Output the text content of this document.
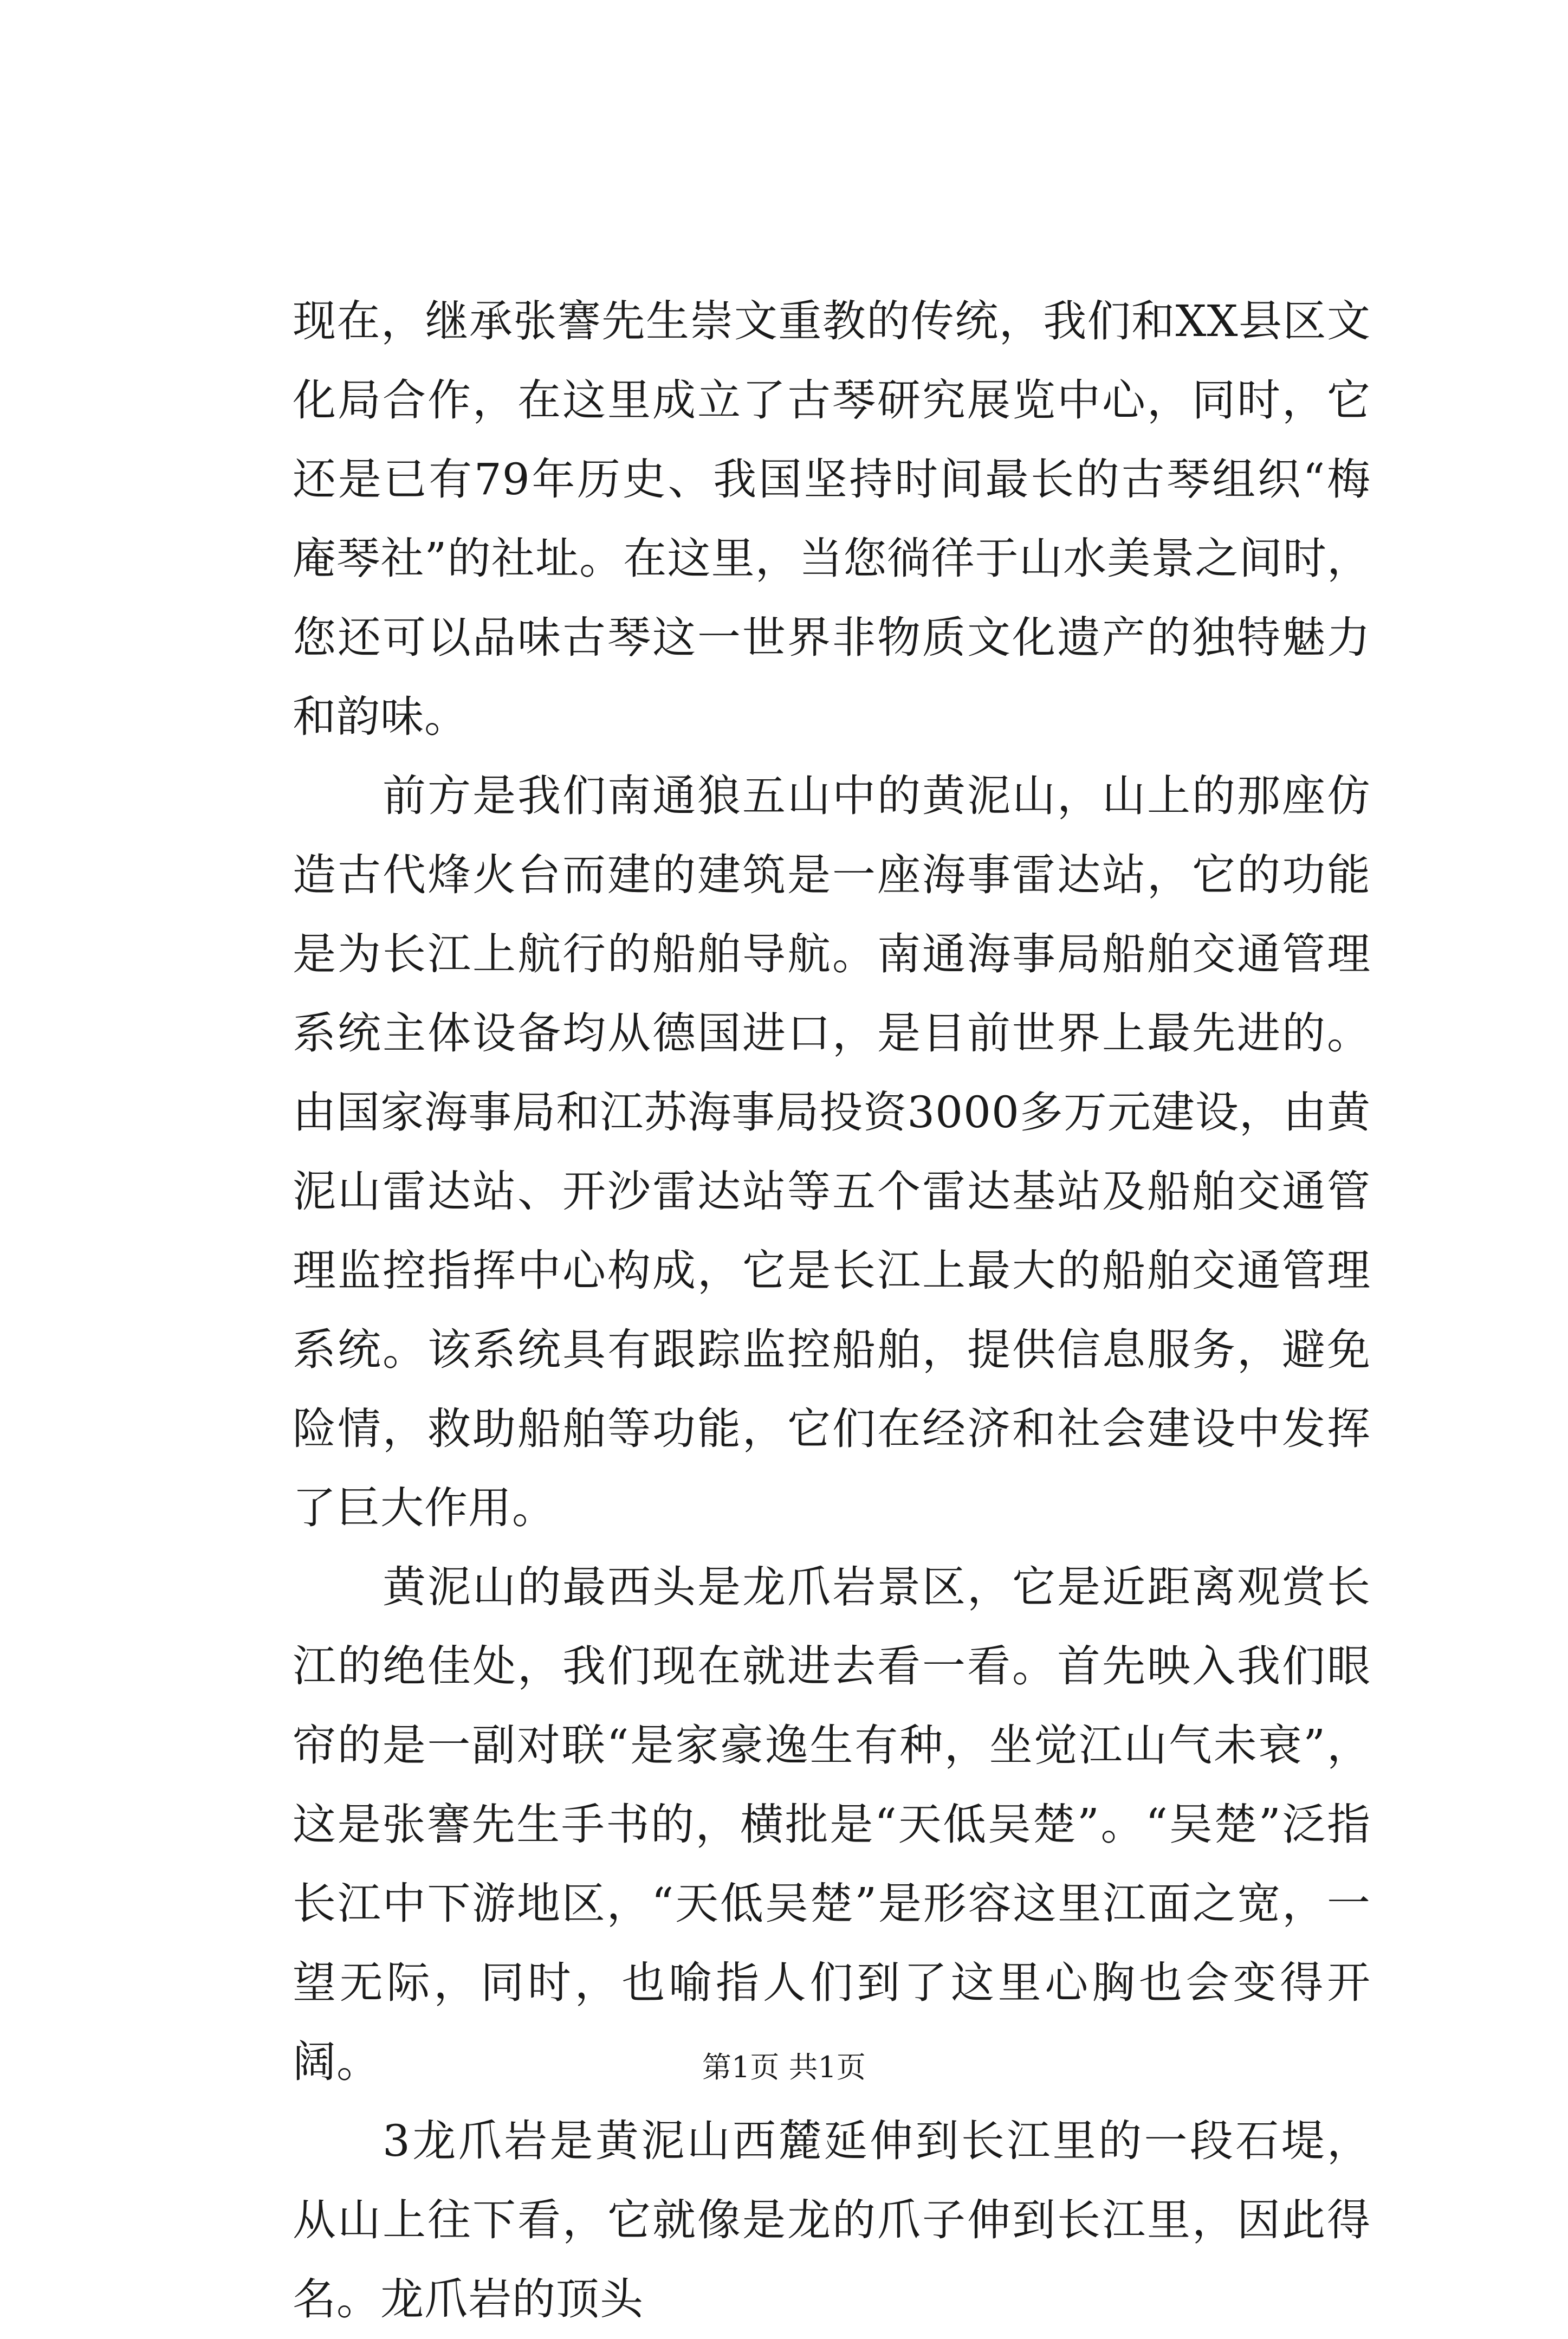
现在，继承张謇先生崇文重教的传统，我们和XX县区文化局合作，在这里成立了古琴研究展览中心，同时，它还是已有79年历史、我国坚持时间最长的古琴组织“梅庵琴社”的社址。在这里，当您徜徉于山水美景之间时，您还可以品味古琴这一世界非物质文化遗产的独特魅力和韵味。

前方是我们南通狼五山中的黄泥山，山上的那座仿造古代烽火台而建的建筑是一座海事雷达站，它的功能是为长江上航行的船舶导航。南通海事局船舶交通管理系统主体设备均从德国进口，是目前世界上最先进的。由国家海事局和江苏海事局投资3000多万元建设，由黄泥山雷达站、开沙雷达站等五个雷达基站及船舶交通管理监控指挥中心构成，它是长江上最大的船舶交通管理系统。该系统具有跟踪监控船舶，提供信息服务，避免险情，救助船舶等功能，它们在经济和社会建设中发挥了巨大作用。

黄泥山的最西头是龙爪岩景区，它是近距离观赏长江的绝佳处，我们现在就进去看一看。首先映入我们眼帘的是一副对联“是家豪逸生有种，坐觉江山气未衰”，这是张謇先生手书的，横批是“天低吴楚”。“吴楚”泛指长江中下游地区，“天低吴楚”是形容这里江面之宽，一望无际，同时，也喻指人们到了这里心胸也会变得开阔。

3龙爪岩是黄泥山西麓延伸到长江里的一段石堤，从山上往下看，它就像是龙的爪子伸到长江里，因此得名。龙爪岩的顶头

第1页 共1页
